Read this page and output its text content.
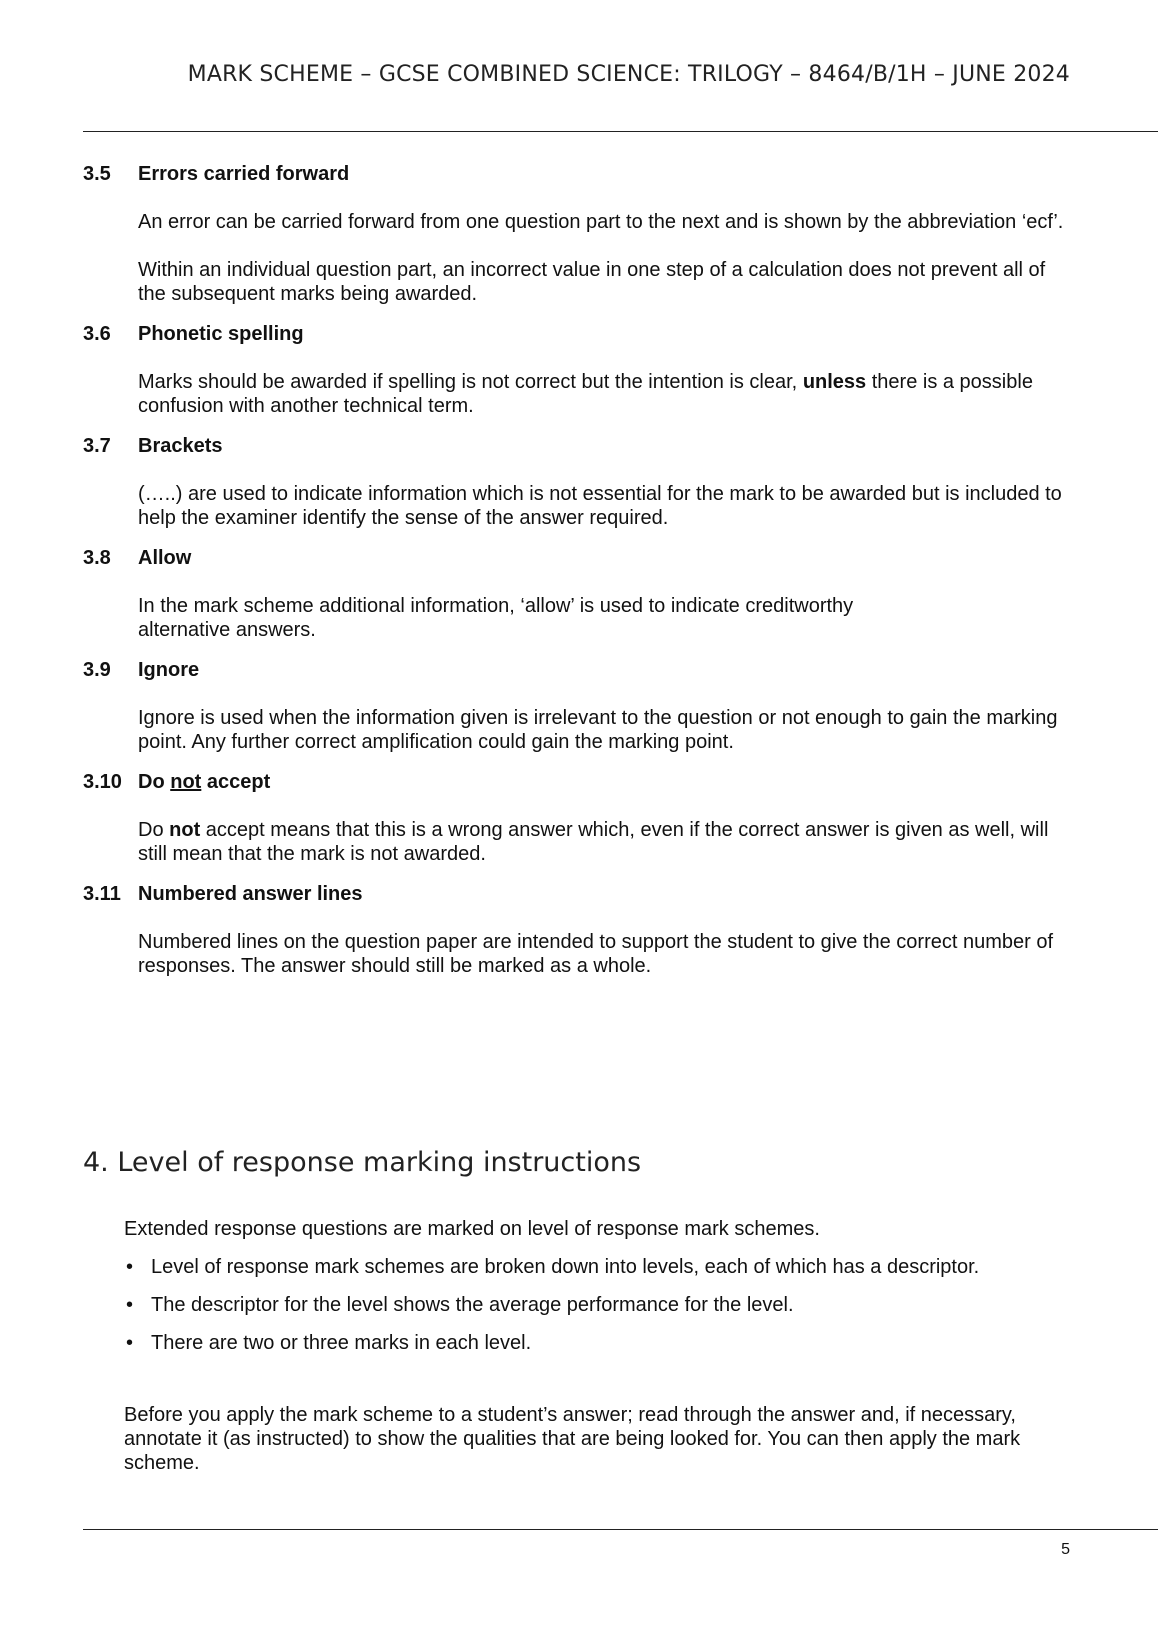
MARK SCHEME – GCSE COMBINED SCIENCE: TRILOGY – 8464/B/1H – JUNE 2024
3.5	Errors carried forward
An error can be carried forward from one question part to the next and is shown by the abbreviation ‘ecf’.
Within an individual question part, an incorrect value in one step of a calculation does not prevent all of the subsequent marks being awarded.
3.6	Phonetic spelling
Marks should be awarded if spelling is not correct but the intention is clear, unless there is a possible confusion with another technical term.
3.7	Brackets
(…..) are used to indicate information which is not essential for the mark to be awarded but is included to help the examiner identify the sense of the answer required.
3.8	Allow
In the mark scheme additional information, ‘allow’ is used to indicate creditworthy
alternative answers.
3.9	Ignore
Ignore is used when the information given is irrelevant to the question or not enough to gain the marking point. Any further correct amplification could gain the marking point.
3.10 Do not accept
Do not accept means that this is a wrong answer which, even if the correct answer is given as well, will still mean that the mark is not awarded.
3.11 Numbered answer lines
Numbered lines on the question paper are intended to support the student to give the correct number of responses. The answer should still be marked as a whole.
4. Level of response marking instructions
Extended response questions are marked on level of response mark schemes.
• Level of response mark schemes are broken down into levels, each of which has a descriptor.
• The descriptor for the level shows the average performance for the level.
• There are two or three marks in each level.
Before you apply the mark scheme to a student’s answer; read through the answer and, if necessary, annotate it (as instructed) to show the qualities that are being looked for. You can then apply the mark scheme.
5
